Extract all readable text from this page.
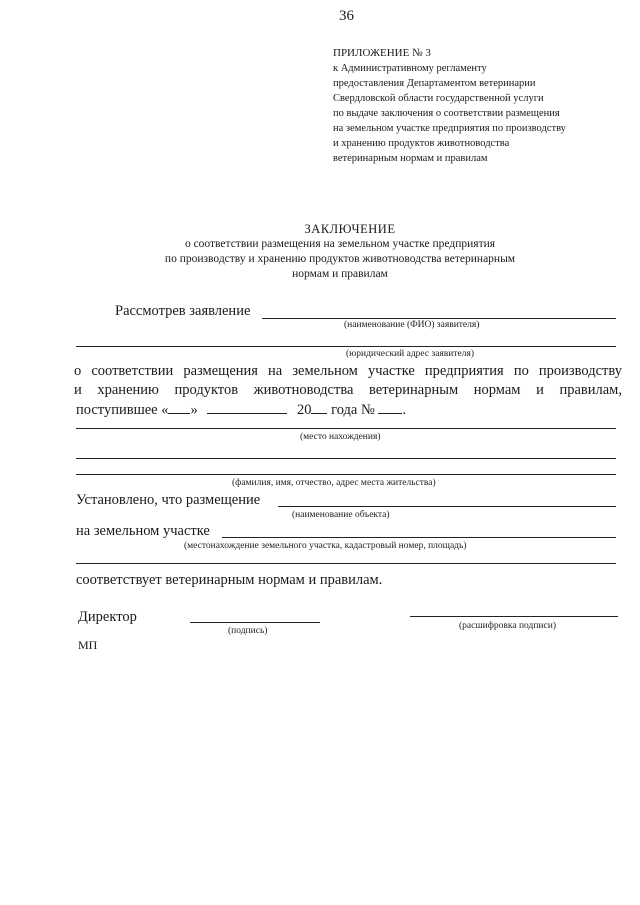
36
ПРИЛОЖЕНИЕ № 3
к Административному регламенту
предоставления Департаментом ветеринарии
Свердловской области государственной услуги
по выдаче заключения о соответствии размещения
на земельном участке предприятия по производству
и хранению продуктов животноводства
ветеринарным нормам и правилам
ЗАКЛЮЧЕНИЕ
о соответствии размещения на земельном участке предприятия
по производству и хранению продуктов животноводства ветеринарным
нормам и правилам
Рассмотрев заявление
(наименование (ФИО) заявителя)
(юридический адрес заявителя)
о соответствии размещения на земельном участке предприятия по производству
и хранению продуктов животноводства ветеринарным нормам и правилам,
поступившее « »	20 года № .
(место нахождения)
(фамилия, имя, отчество, адрес места жительства)
Установлено, что размещение
(наименование объекта)
на земельном участке
(местонахождение земельного участка, кадастровый номер, площадь)
соответствует ветеринарным нормам и правилам.
Директор
(подпись)	(расшифровка подписи)
МП
